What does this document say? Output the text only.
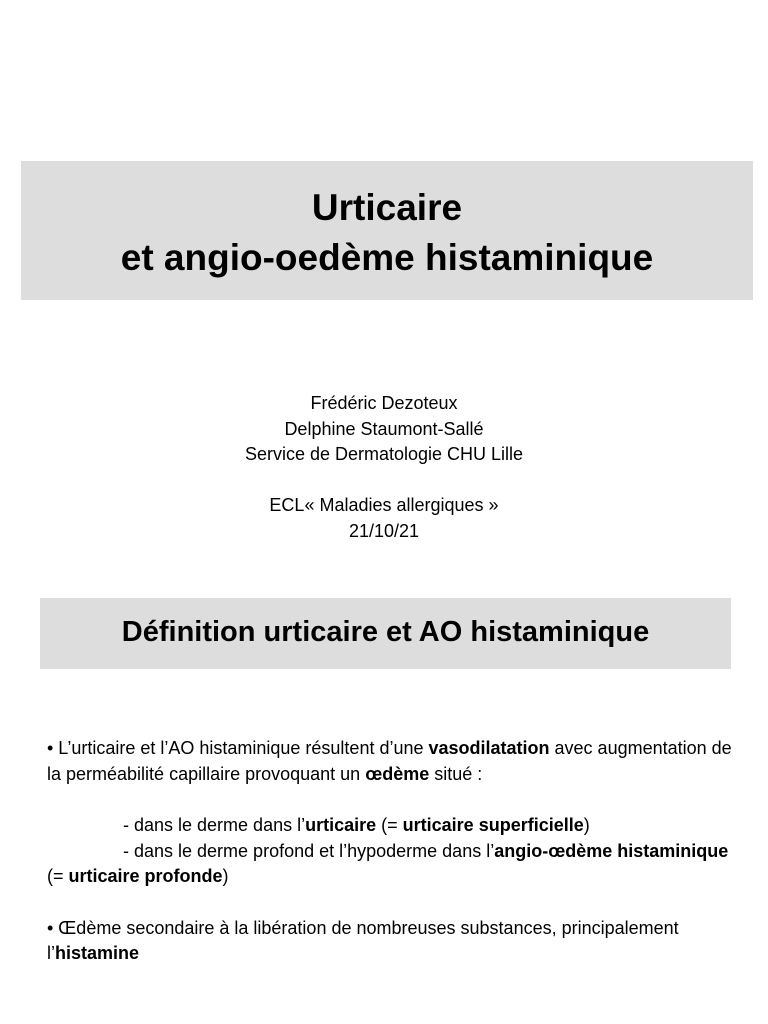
Urticaire
et angio-oedème histaminique
Frédéric Dezoteux
Delphine Staumont-Sallé
Service de Dermatologie CHU Lille
ECL« Maladies allergiques »
21/10/21
Définition urticaire et AO histaminique

• L’urticaire et l’AO histaminique résultent d’une vasodilatation avec augmentation de la perméabilité capillaire provoquant un œdème situé :

- dans le derme dans l’urticaire (= urticaire superficielle)

- dans le derme profond et l’hypoderme dans l’angio-œdème histaminique (= urticaire profonde)

• Œdème secondaire à la libération de nombreuses substances, principalement l’histamine
